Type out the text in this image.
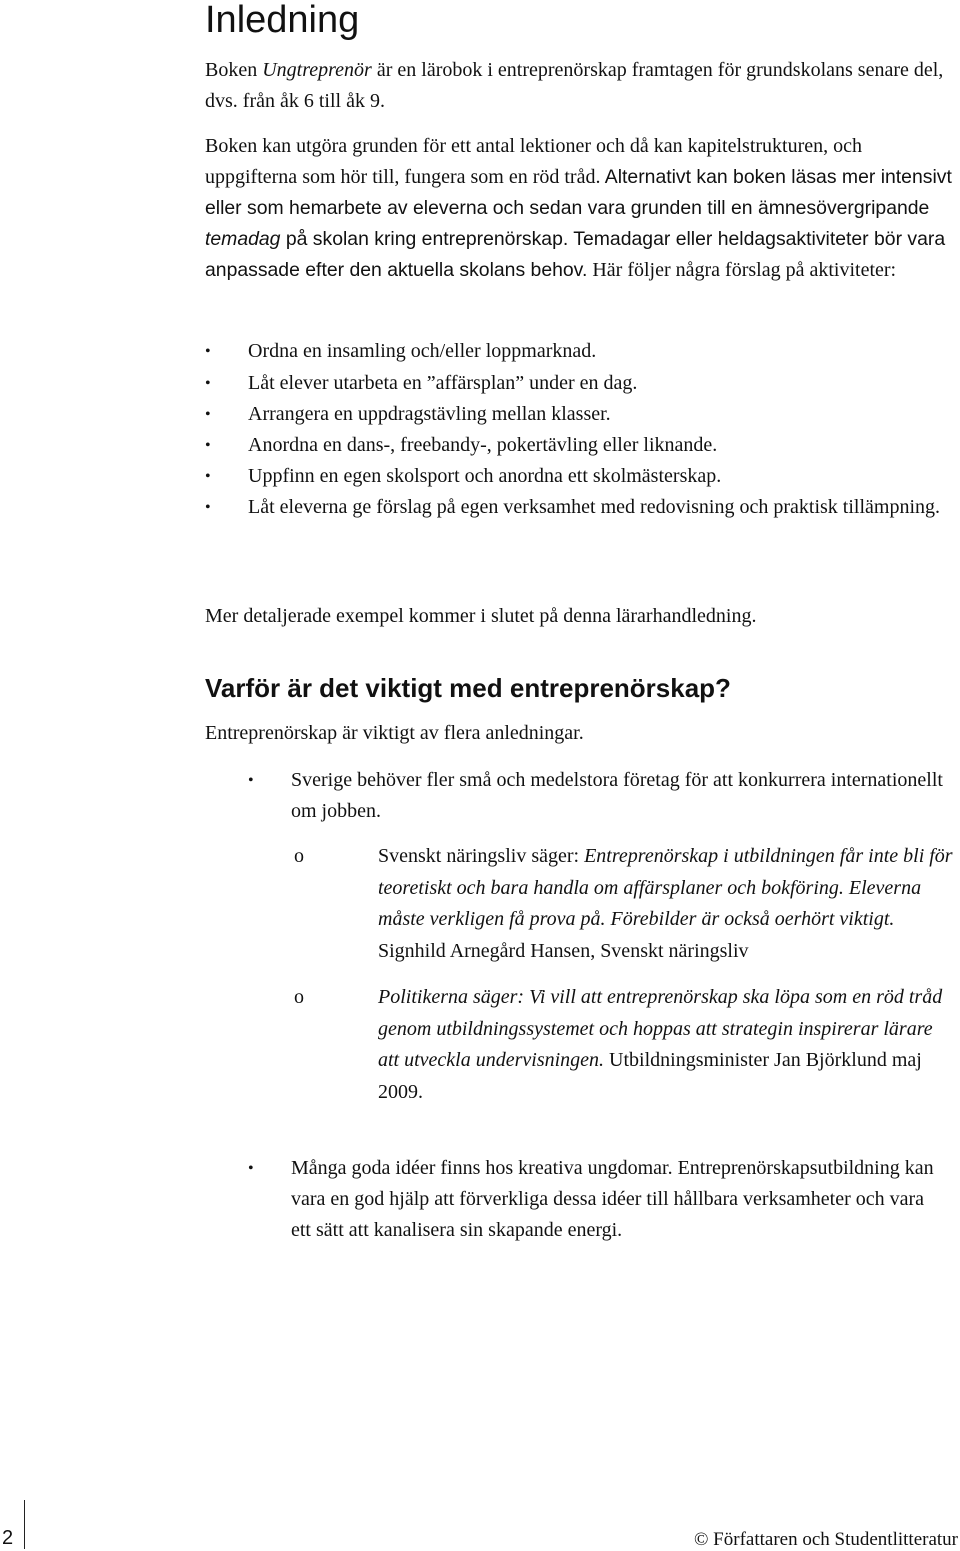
Inledning
Boken Ungtreprenör är en lärobok i entreprenörskap framtagen för grundskolans senare del, dvs. från åk 6 till åk 9.
Boken kan utgöra grunden för ett antal lektioner och då kan kapitelstrukturen, och uppgifterna som hör till, fungera som en röd tråd. Alternativt kan boken läsas mer intensivt eller som hemarbete av eleverna och sedan vara grunden till en ämnesövergripande temadag på skolan kring entreprenörskap. Temadagar eller heldagsaktiviteter bör vara anpassade efter den aktuella skolans behov. Här följer några förslag på aktiviteter:
• Ordna en insamling och/eller loppmarknad.
• Låt elever utarbeta en ”affärsplan” under en dag.
• Arrangera en uppdragstävling mellan klasser.
• Anordna en dans-, freebandy-, pokertävling eller liknande.
• Uppfinn en egen skolsport och anordna ett skolmästerskap.
• Låt eleverna ge förslag på egen verksamhet med redovisning och praktisk tillämpning.
Mer detaljerade exempel kommer i slutet på denna lärarhandledning.
Varför är det viktigt med entreprenörskap?
Entreprenörskap är viktigt av flera anledningar.
• Sverige behöver fler små och medelstora företag för att konkurrera internationellt om jobben.
o	Svenskt näringsliv säger: Entreprenörskap i utbildningen får inte bli för teoretiskt och bara handla om affärsplaner och bokföring. Eleverna måste verkligen få prova på. Förebilder är också oerhört viktigt. Signhild Arnegård Hansen, Svenskt näringsliv
o	Politikerna säger: Vi vill att entreprenörskap ska löpa som en röd tråd genom utbildningssystemet och hoppas att strategin inspirerar lärare att utveckla undervisningen. Utbildningsminister Jan Björklund maj 2009.
• Många goda idéer finns hos kreativa ungdomar. Entreprenörskapsutbildning kan vara en god hjälp att förverkliga dessa idéer till hållbara verksamheter och vara ett sätt att kanalisera sin skapande energi.
2	© Författaren och Studentlitteratur
